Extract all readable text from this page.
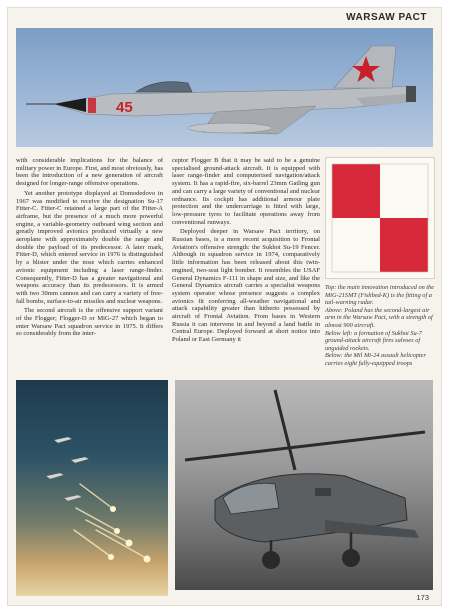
WARSAW PACT
45

with considerable implications for the balance of military power in Europe. First, and most obviously, has been the introduction of a new generation of aircraft designed for longer-range offensive operations.

Yet another prototype displayed at Domodedovo in 1967 was modified to receive the designation Su-17 Fitter-C. Fitter-C retained a large part of the Fitter-A airframe, but the presence of a much more powerful engine, a variable-geometry outboard wing section and greatly improved avionics produced virtually a new aeroplane with approximately double the range and double the payload of its predecessor. A later mark, Fitter-D, which entered service in 1976 is distinguished by a blister under the nose which carries enhanced avionic equipment including a laser range-finder. Consequently, Fitter-D has a greater navigational and weapons accuracy than its predecessors. It is armed with two 30mm cannon and can carry a variety of free-fall bombs, surface-to-air missiles and nuclear weapons.

The second aircraft is the offensive support variant of the Flogger; Flogger-D or MiG-27 which began to enter Warsaw Pact squadron service in 1975. It differs so considerably from the inter-

ceptor Flogger B that it may be said to be a genuine specialised ground-attack aircraft. It is equipped with laser range-finder and computerised navigation/attack system. It has a rapid-fire, six-barrel 23mm Gatling gun and can carry a large variety of conventional and nuclear ordnance. Its cockpit has additional armour plate protection and the undercarriage is fitted with large, low-pressure tyres to facilitate operations away from conventional runways.

Deployed deeper in Warsaw Pact territory, on Russian bases, is a more recent acquisition to Frontal Aviation's offensive strength: the Sukhoi Su-19 Fencer. Although in squadron service in 1974, comparatively little information has been released about this twin-engined, two-seat light bomber. It resembles the USAF General Dynamics F-111 in shape and size, and like the General Dynamics aircraft carries a specialist weapons system operator whose presence suggests a complex avionics fit conferring all-weather navigational and attack capability greater than hitherto possessed by aircraft of Frontal Aviation. From bases in Western Russia it can intervene in and beyond a land battle in Central Europe. Deployed forward at short notice into Poland or East Germany it

Top: the main innovation introduced on the MiG-21SMT (Fishbed-K) is the fitting of a tail-warning radar.
Above: Poland has the second-largest air arm in the Warsaw Pact, with a strength of almost 900 aircraft.
Below left: a formation of Sukhoi Su-7 ground-attack aircraft fires salvoes of unguided rockets.
Below: the Mil Mi-24 assault helicopter carries eight fully-equipped troops
173
